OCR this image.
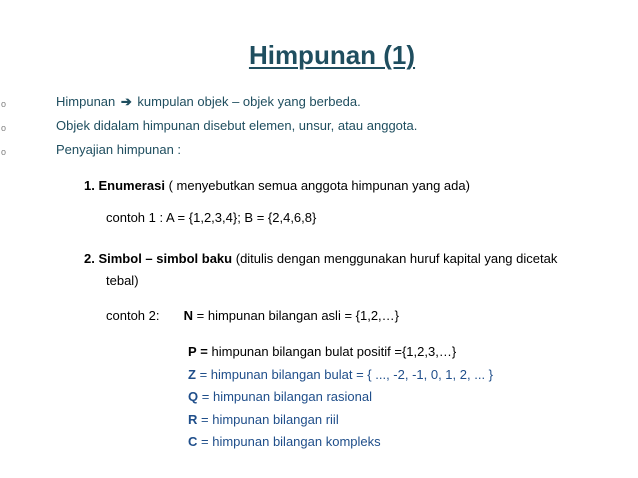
Himpunan (1)
o	Himpunan ➔ kumpulan objek – objek yang berbeda.
o	Objek didalam himpunan disebut elemen, unsur, atau anggota.
o	Penyajian himpunan :
1. Enumerasi ( menyebutkan semua anggota himpunan yang ada)
contoh 1 : A = {1,2,3,4}; B = {2,4,6,8}
2. Simbol – simbol baku (ditulis dengan menggunakan huruf kapital yang dicetak
tebal)
contoh 2: N = himpunan bilangan asli = {1,2,…}
P = himpunan bilangan bulat positif ={1,2,3,…}
Z = himpunan bilangan bulat = { ..., -2, -1, 0, 1, 2, ... }
Q = himpunan bilangan rasional
R = himpunan bilangan riil
C = himpunan bilangan kompleks
